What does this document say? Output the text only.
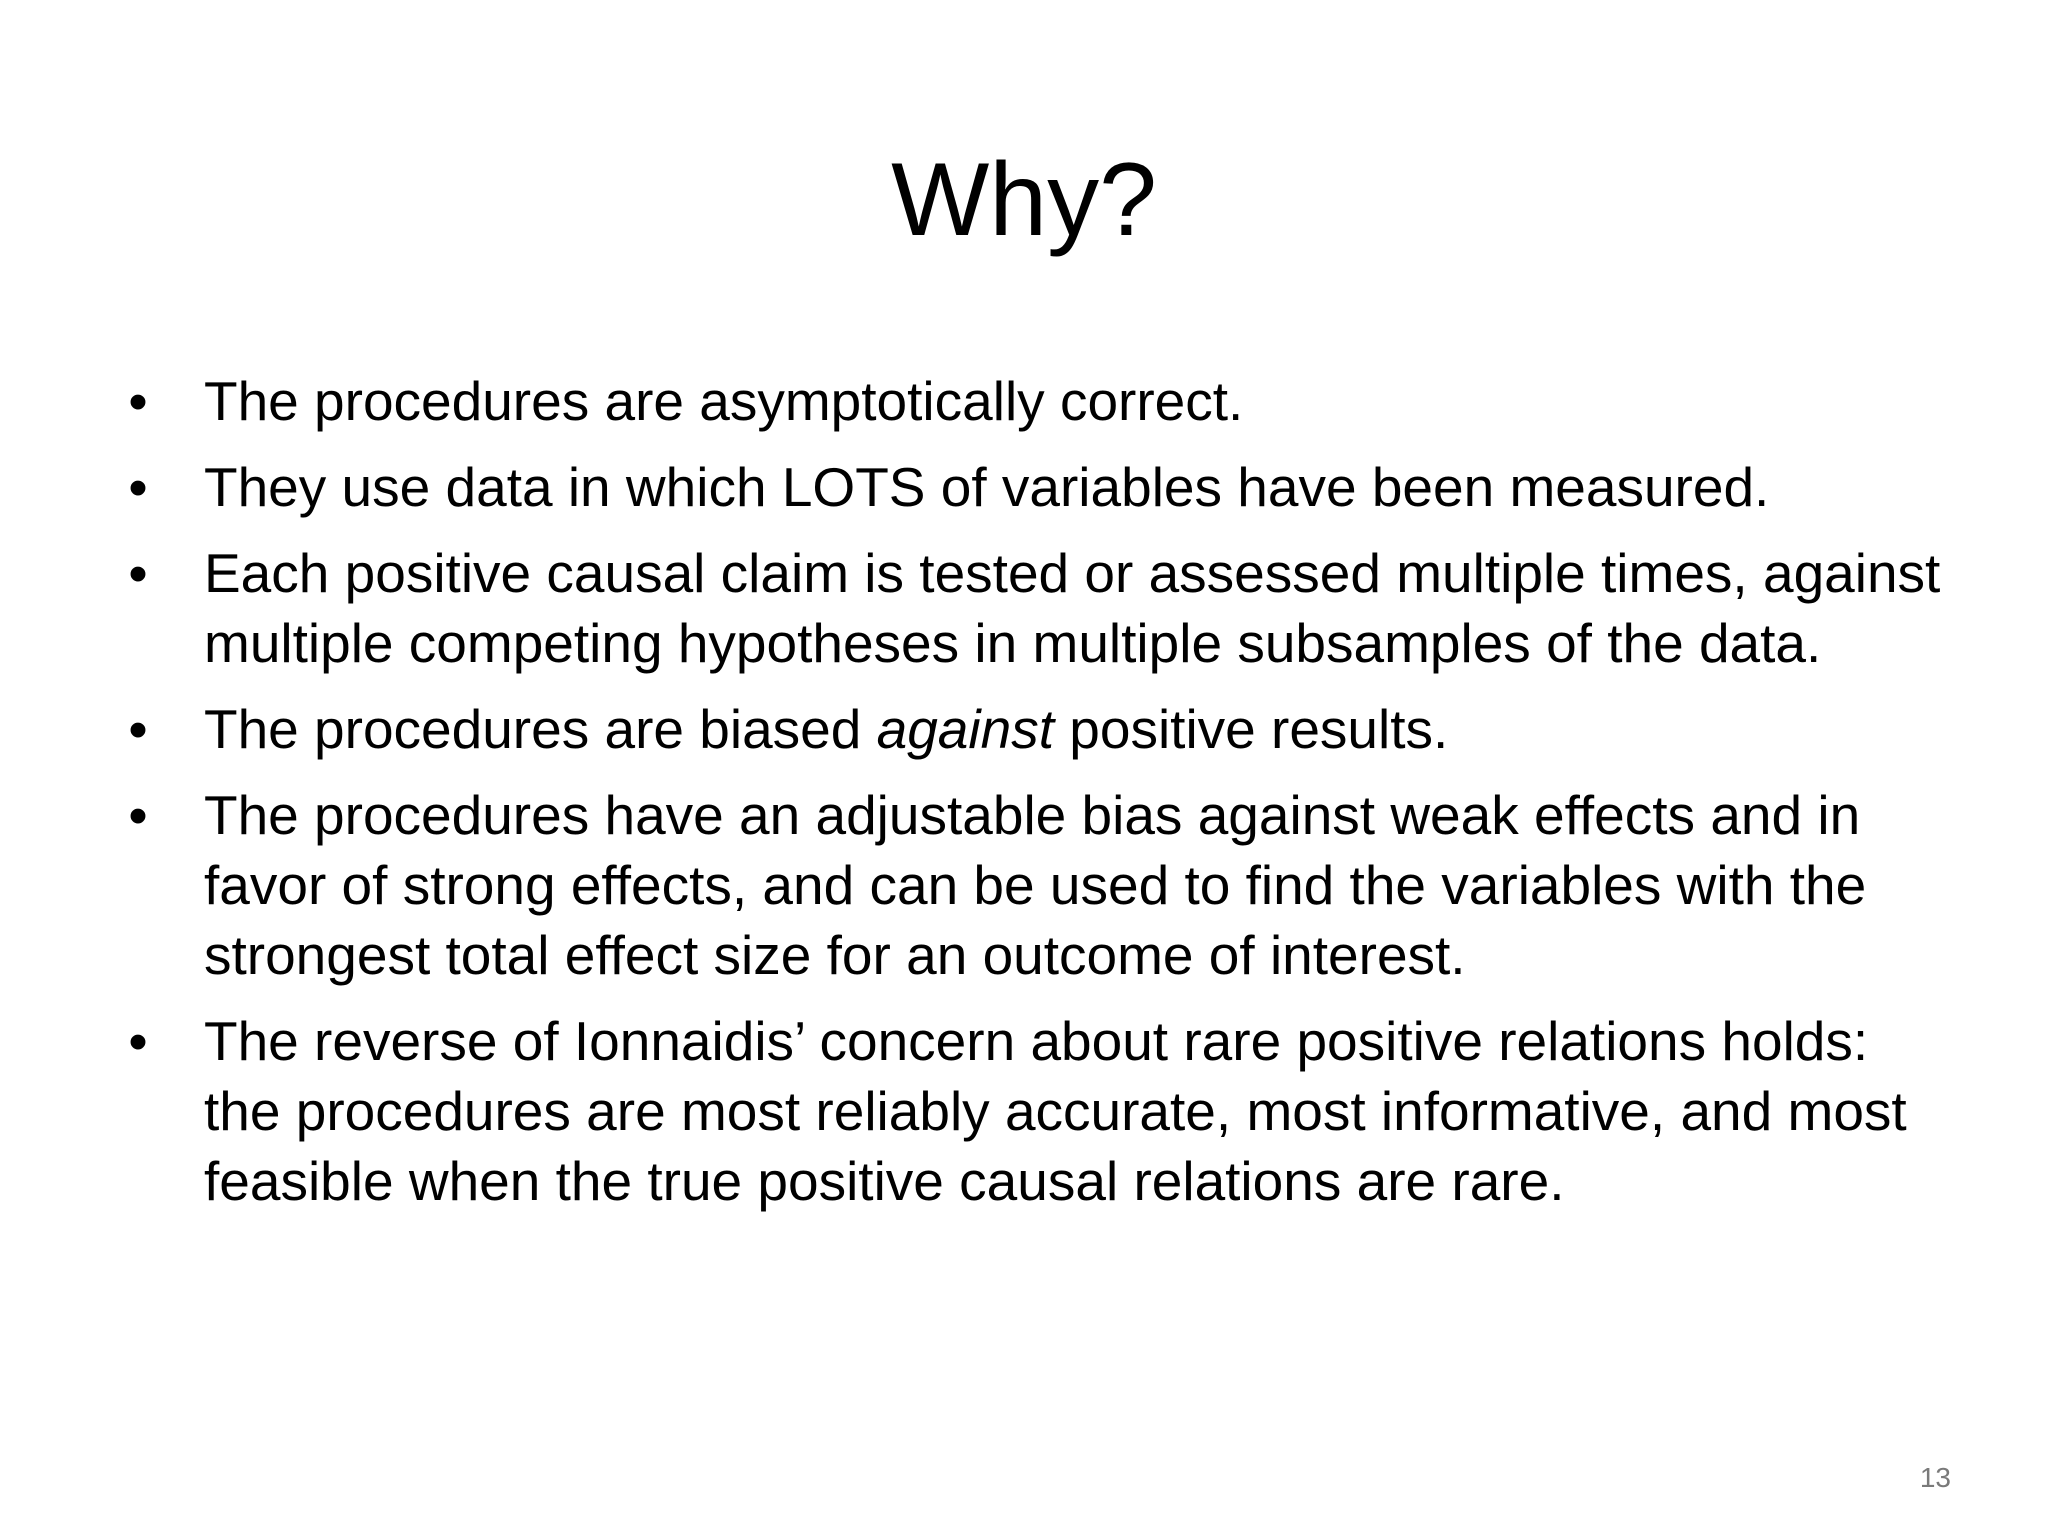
Why?
• The procedures are asymptotically correct.
• They use data in which LOTS of variables have been measured.
• Each positive causal claim is tested or assessed multiple times, against multiple competing hypotheses in multiple subsamples of the data.
• The procedures are biased against positive results.
• The procedures have an adjustable bias against weak effects and in favor of strong effects, and can be used to find the variables with the strongest total effect size for an outcome of interest.
• The reverse of Ionnaidis’ concern about rare positive relations holds: the procedures are most reliably accurate, most informative, and most feasible when the true positive causal relations are rare.
13
